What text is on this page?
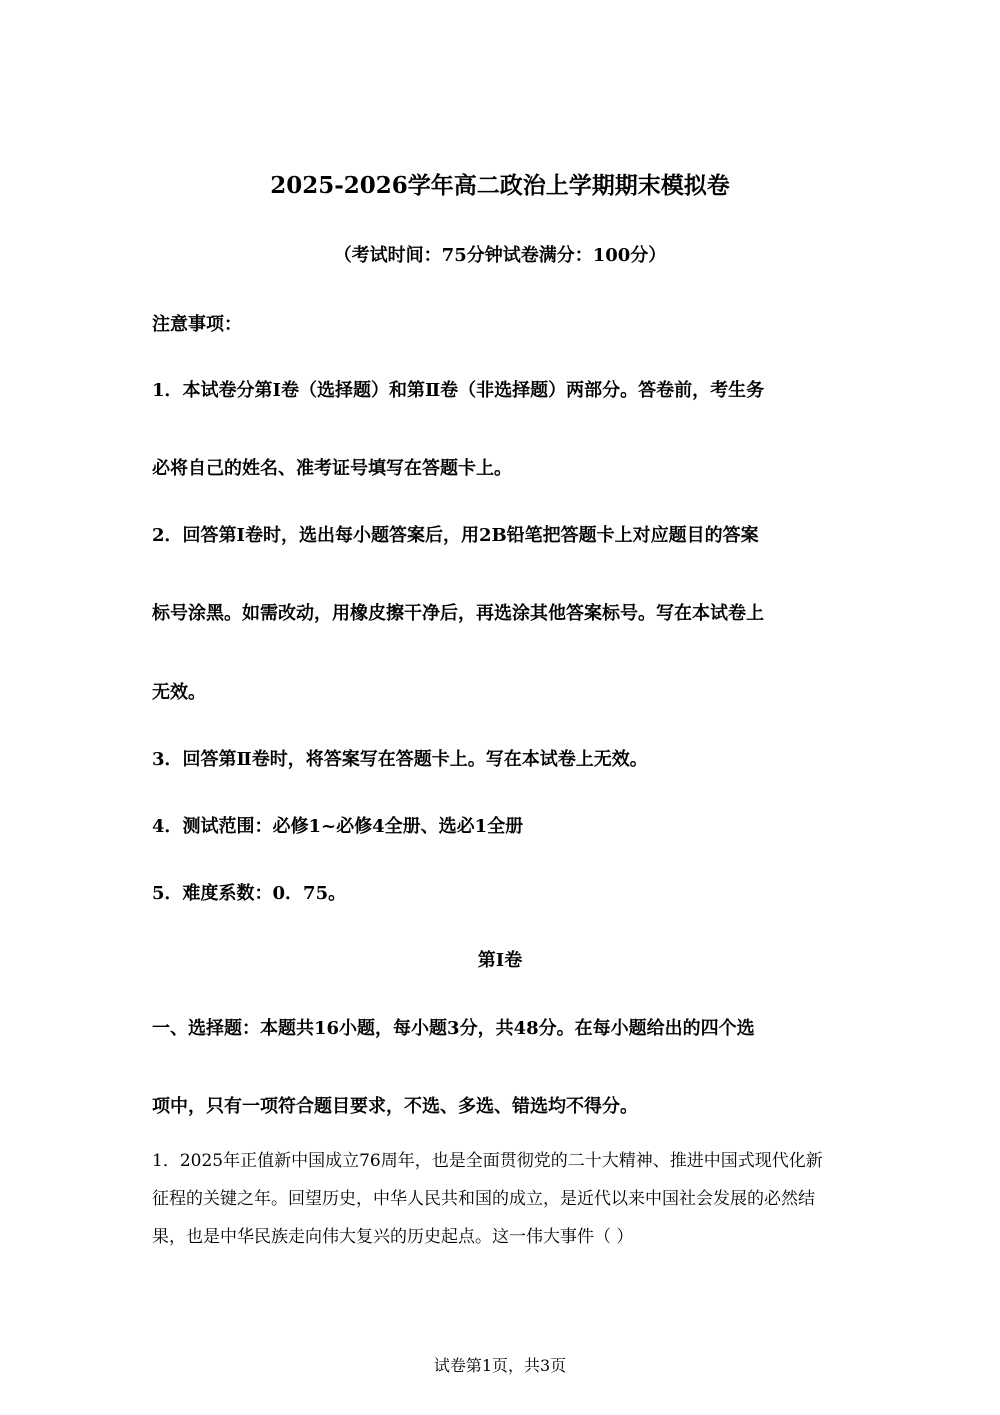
2025-2026学年高二政治上学期期末模拟卷
（考试时间：75分钟试卷满分：100分）
注意事项：
1．本试卷分第Ⅰ卷（选择题）和第Ⅱ卷（非选择题）两部分。答卷前，考生务
必将自己的姓名、准考证号填写在答题卡上。
2．回答第Ⅰ卷时，选出每小题答案后，用2B铅笔把答题卡上对应题目的答案
标号涂黑。如需改动，用橡皮擦干净后，再选涂其他答案标号。写在本试卷上
无效。
3．回答第Ⅱ卷时，将答案写在答题卡上。写在本试卷上无效。
4．测试范围：必修1~必修4全册、选必1全册
5．难度系数：0．75。
第Ⅰ卷
一、选择题：本题共16小题，每小题3分，共48分。在每小题给出的四个选
项中，只有一项符合题目要求，不选、多选、错选均不得分。
1．2025年正值新中国成立76周年，也是全面贯彻党的二十大精神、推进中国式现代化新
征程的关键之年。回望历史，中华人民共和国的成立，是近代以来中国社会发展的必然结
果，也是中华民族走向伟大复兴的历史起点。这一伟大事件（ ）
试卷第1页，共3页
